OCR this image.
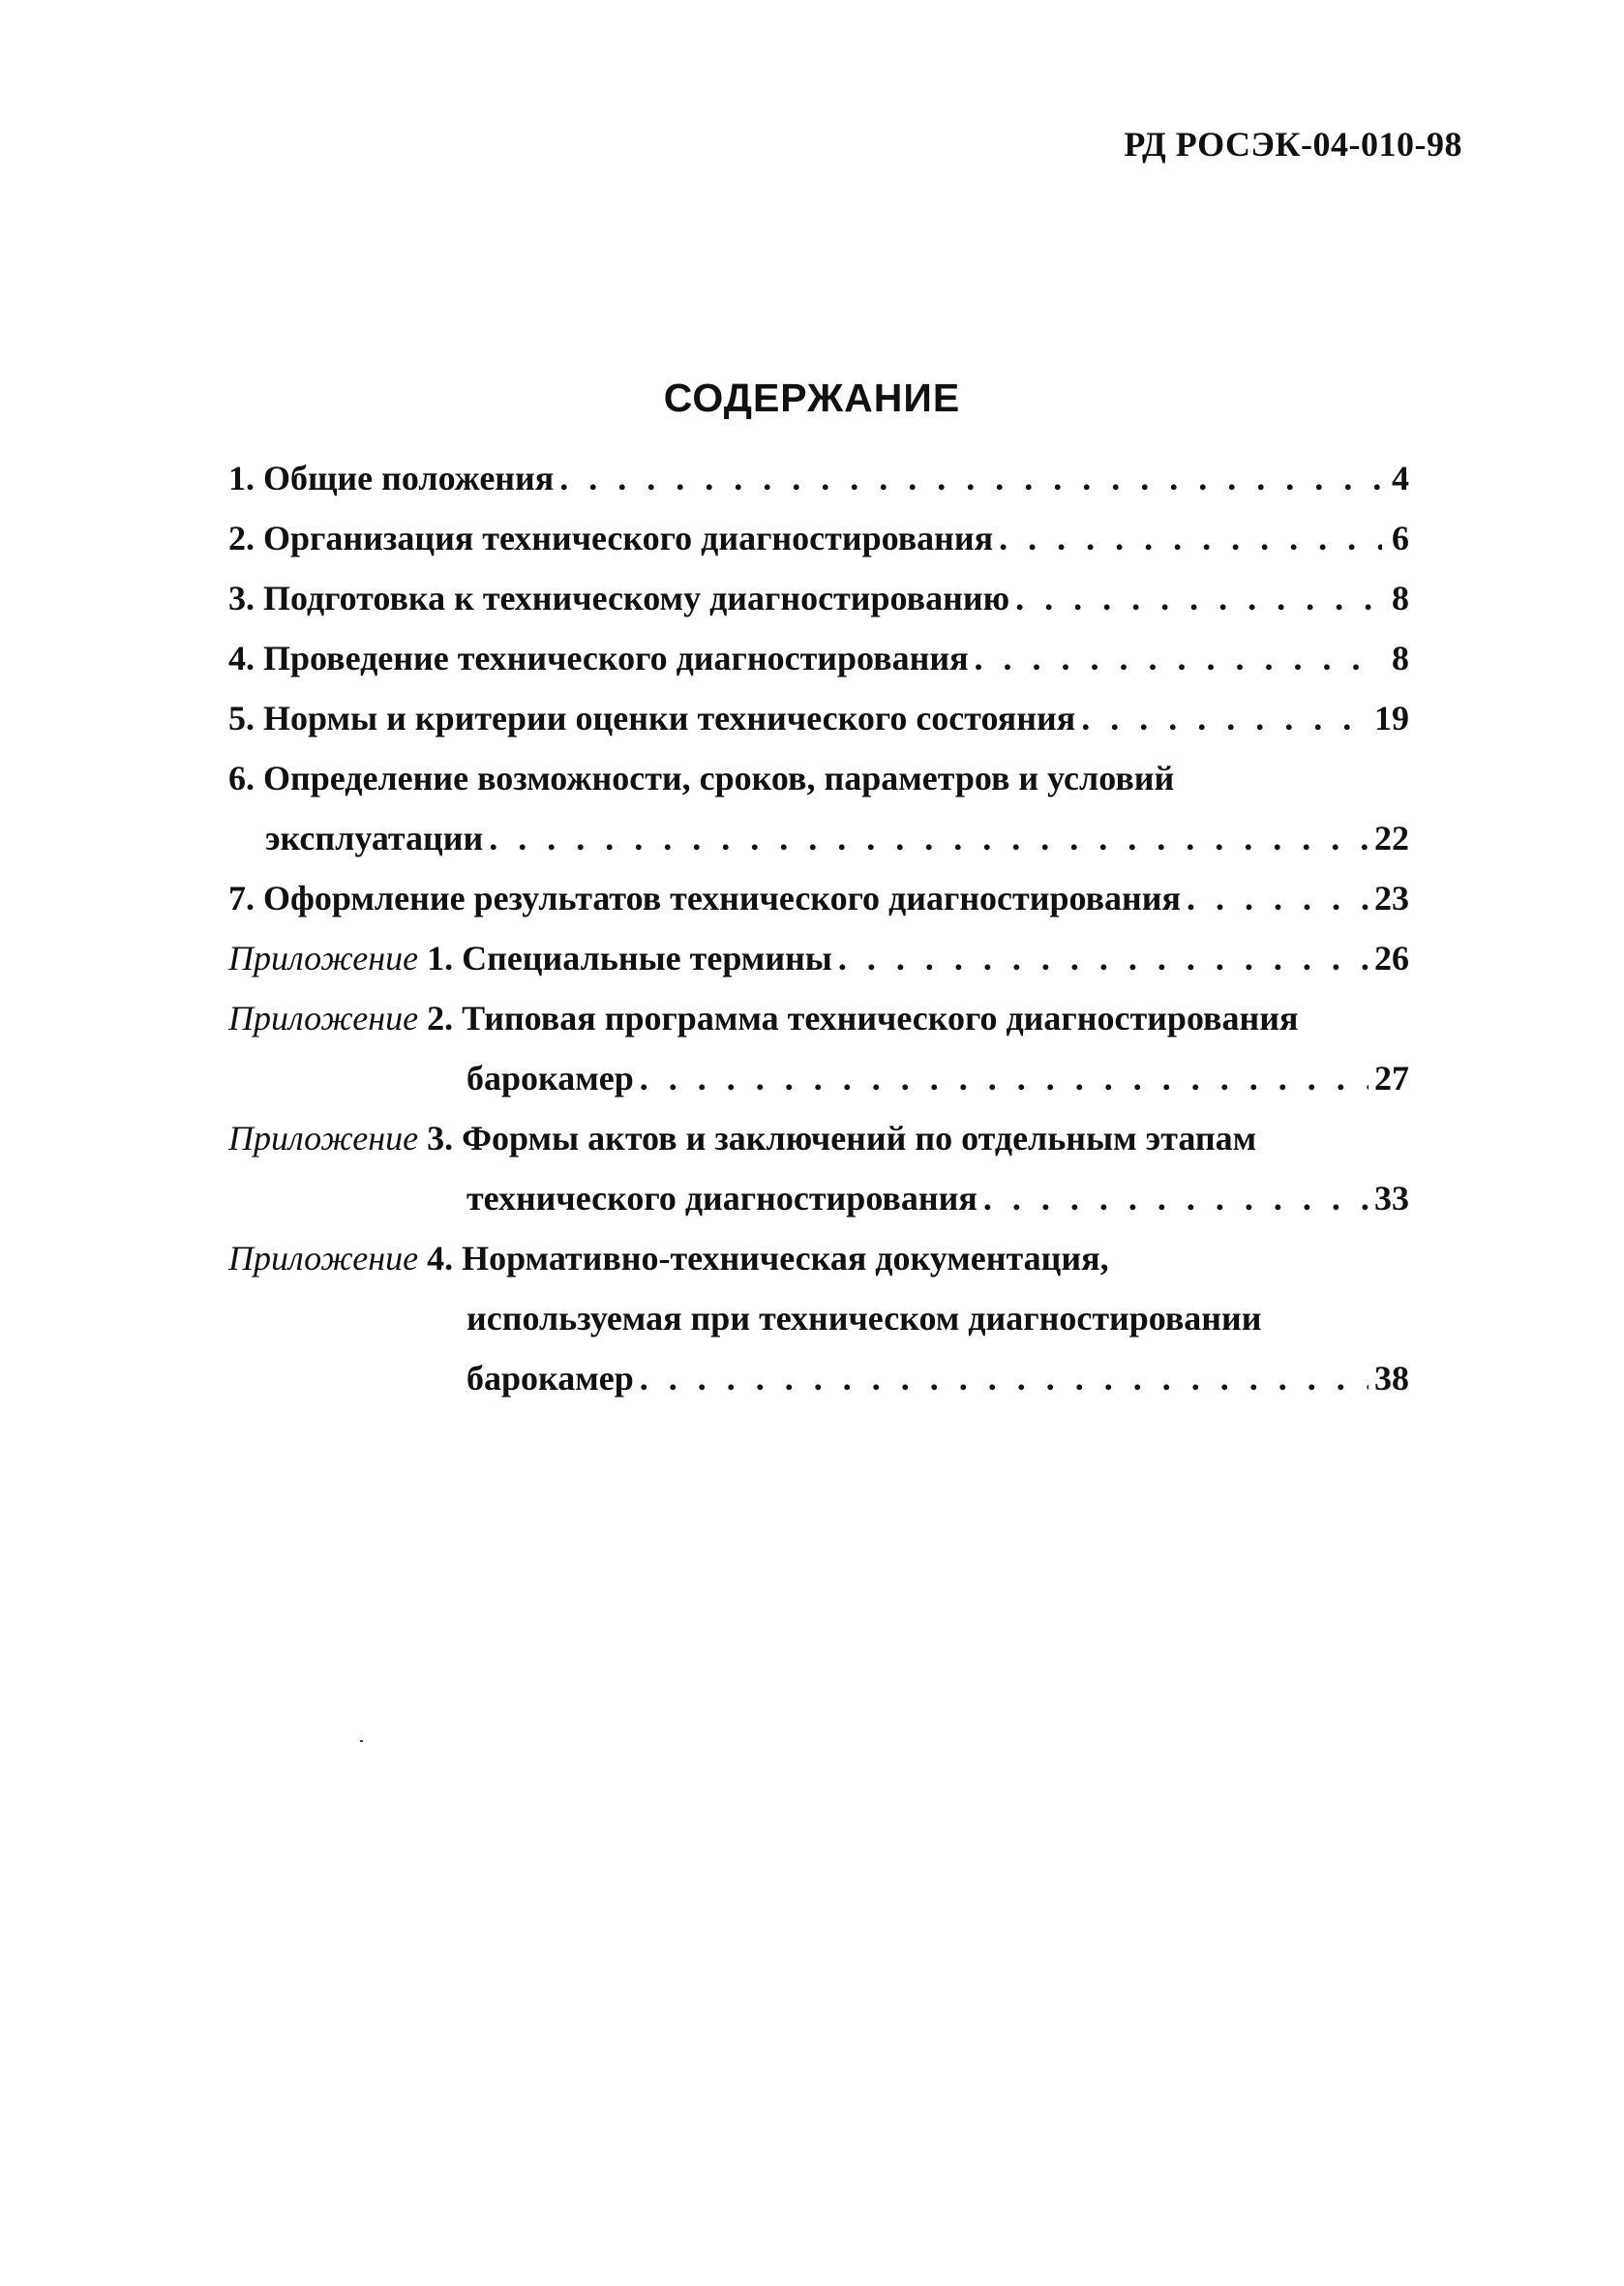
РД РОСЭК-04-010-98
СОДЕРЖАНИЕ
1. Общие положения . . .	4
2. Организация технического диагностирования . . .	6
3. Подготовка к техническому диагностированию . . .	8
4. Проведение технического диагностирования . . .	8
5. Нормы и критерии оценки технического состояния . . .	19
6. Определение возможности, сроков, параметров и условий
эксплуатации . . .	22
7. Оформление результатов технического диагностирования . . .	23
Приложение 1. Специальные термины . . .	26
Приложение 2. Типовая программа технического диагностирования
барокамер . . .	27
Приложение 3. Формы актов и заключений по отдельным этапам
технического диагностирования . . .	33
Приложение 4. Нормативно-техническая документация,
используемая при техническом диагностировании
барокамер . . .	38
